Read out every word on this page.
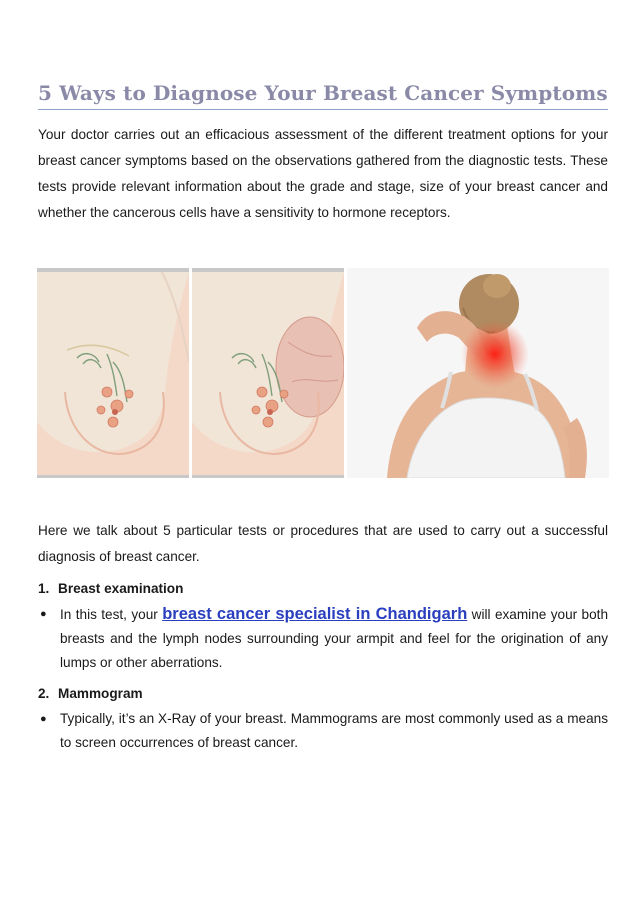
5 Ways to Diagnose Your Breast Cancer Symptoms

Your doctor carries out an efficacious assessment of the different treatment options for your breast cancer symptoms based on the observations gathered from the diagnostic tests. These tests provide relevant information about the grade and stage, size of your breast cancer and whether the cancerous cells have a sensitivity to hormone receptors.

Here we talk about 5 particular tests or procedures that are used to carry out a successful diagnosis of breast cancer.

1. Breast examination
● In this test, your breast cancer specialist in Chandigarh will examine your both breasts and the lymph nodes surrounding your armpit and feel for the origination of any lumps or other aberrations.
2. Mammogram
● Typically, it’s an X-Ray of your breast. Mammograms are most commonly used as a means to screen occurrences of breast cancer.
